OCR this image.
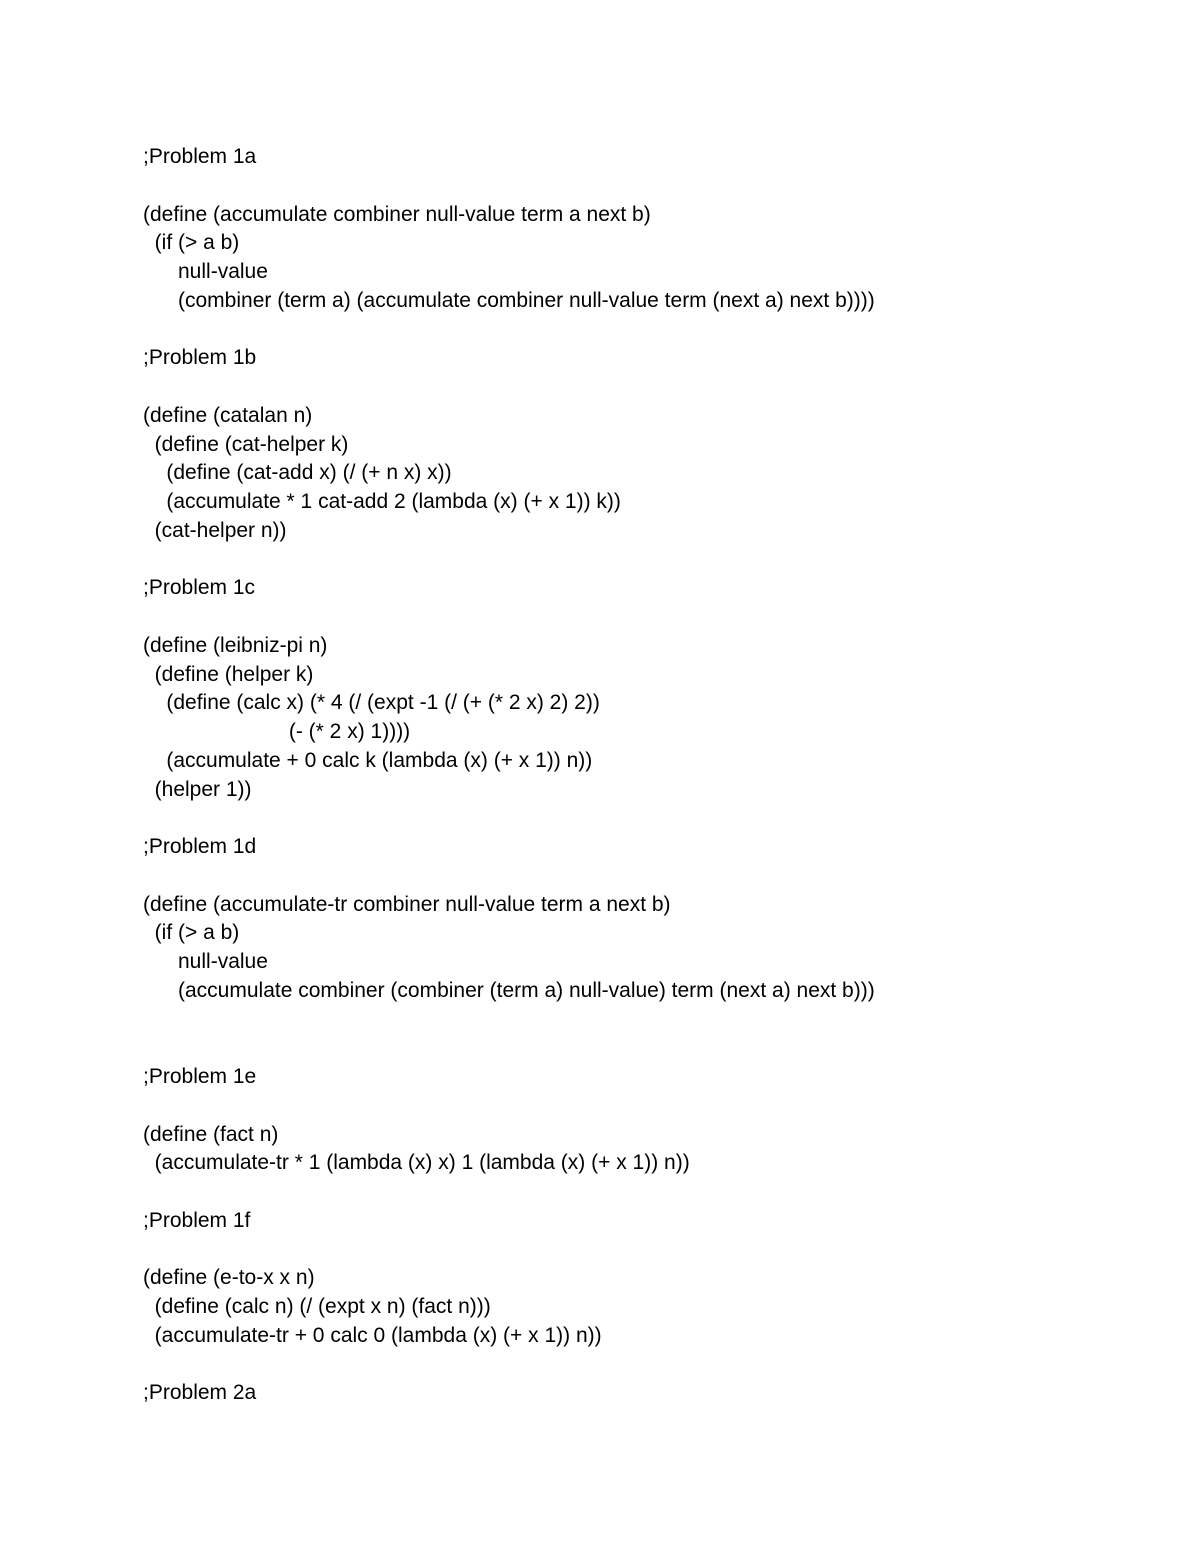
;Problem 1a
(define (accumulate combiner null-value term a next b)
(if (> a b)
null-value
(combiner (term a) (accumulate combiner null-value term (next a) next b))))
;Problem 1b
(define (catalan n)
(define (cat-helper k)
(define (cat-add x) (/ (+ n x) x))
(accumulate * 1 cat-add 2 (lambda (x) (+ x 1)) k))
(cat-helper n))
;Problem 1c
(define (leibniz-pi n)
(define (helper k)
(define (calc x) (* 4 (/ (expt -1 (/ (+ (* 2 x) 2) 2))
(- (* 2 x) 1))))
(accumulate + 0 calc k (lambda (x) (+ x 1)) n))
(helper 1))
;Problem 1d
(define (accumulate-tr combiner null-value term a next b)
(if (> a b)
null-value
(accumulate combiner (combiner (term a) null-value) term (next a) next b)))
;Problem 1e
(define (fact n)
(accumulate-tr * 1 (lambda (x) x) 1 (lambda (x) (+ x 1)) n))
;Problem 1f
(define (e-to-x x n)
(define (calc n) (/ (expt x n) (fact n)))
(accumulate-tr + 0 calc 0 (lambda (x) (+ x 1)) n))
;Problem 2a
